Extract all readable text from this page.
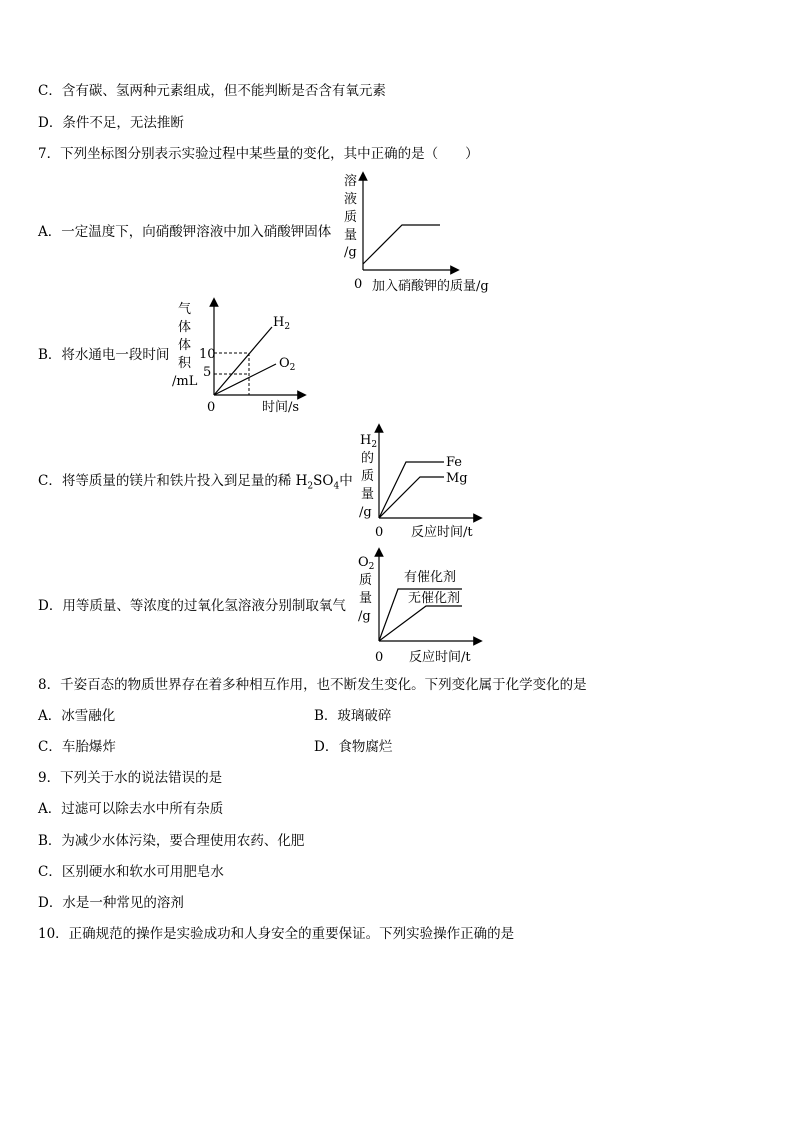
C．含有碳、氢两种元素组成，但不能判断是否含有氧元素
D．条件不足，无法推断
7．下列坐标图分别表示实验过程中某些量的变化，其中正确的是（　　）
A．一定温度下，向硝酸钾溶液中加入硝酸钾固体
溶
液
质
量
/g
0 加入硝酸钾的质量/g
B．将水通电一段时间
气
体
体
积
/mL
10
5
0	时间/s
$H_2$
$O_2$
C．将等质量的镁片和铁片投入到足量的稀 $H_2SO_4$中
$H_2$
的
质
量
/g
0 反应时间/t
Fe
Mg
D．用等质量、等浓度的过氧化氢溶液分别制取氧气
$O_2$
质
量
/g
0 反应时间/t
有催化剂
无催化剂
8．千姿百态的物质世界存在着多种相互作用，也不断发生变化。下列变化属于化学变化的是
A．冰雪融化	B．玻璃破碎
C．车胎爆炸	D．食物腐烂
9．下列关于水的说法错误的是
A．过滤可以除去水中所有杂质
B．为减少水体污染，要合理使用农药、化肥
C．区别硬水和软水可用肥皂水
D．水是一种常见的溶剂
10．正确规范的操作是实验成功和人身安全的重要保证。下列实验操作正确的是
